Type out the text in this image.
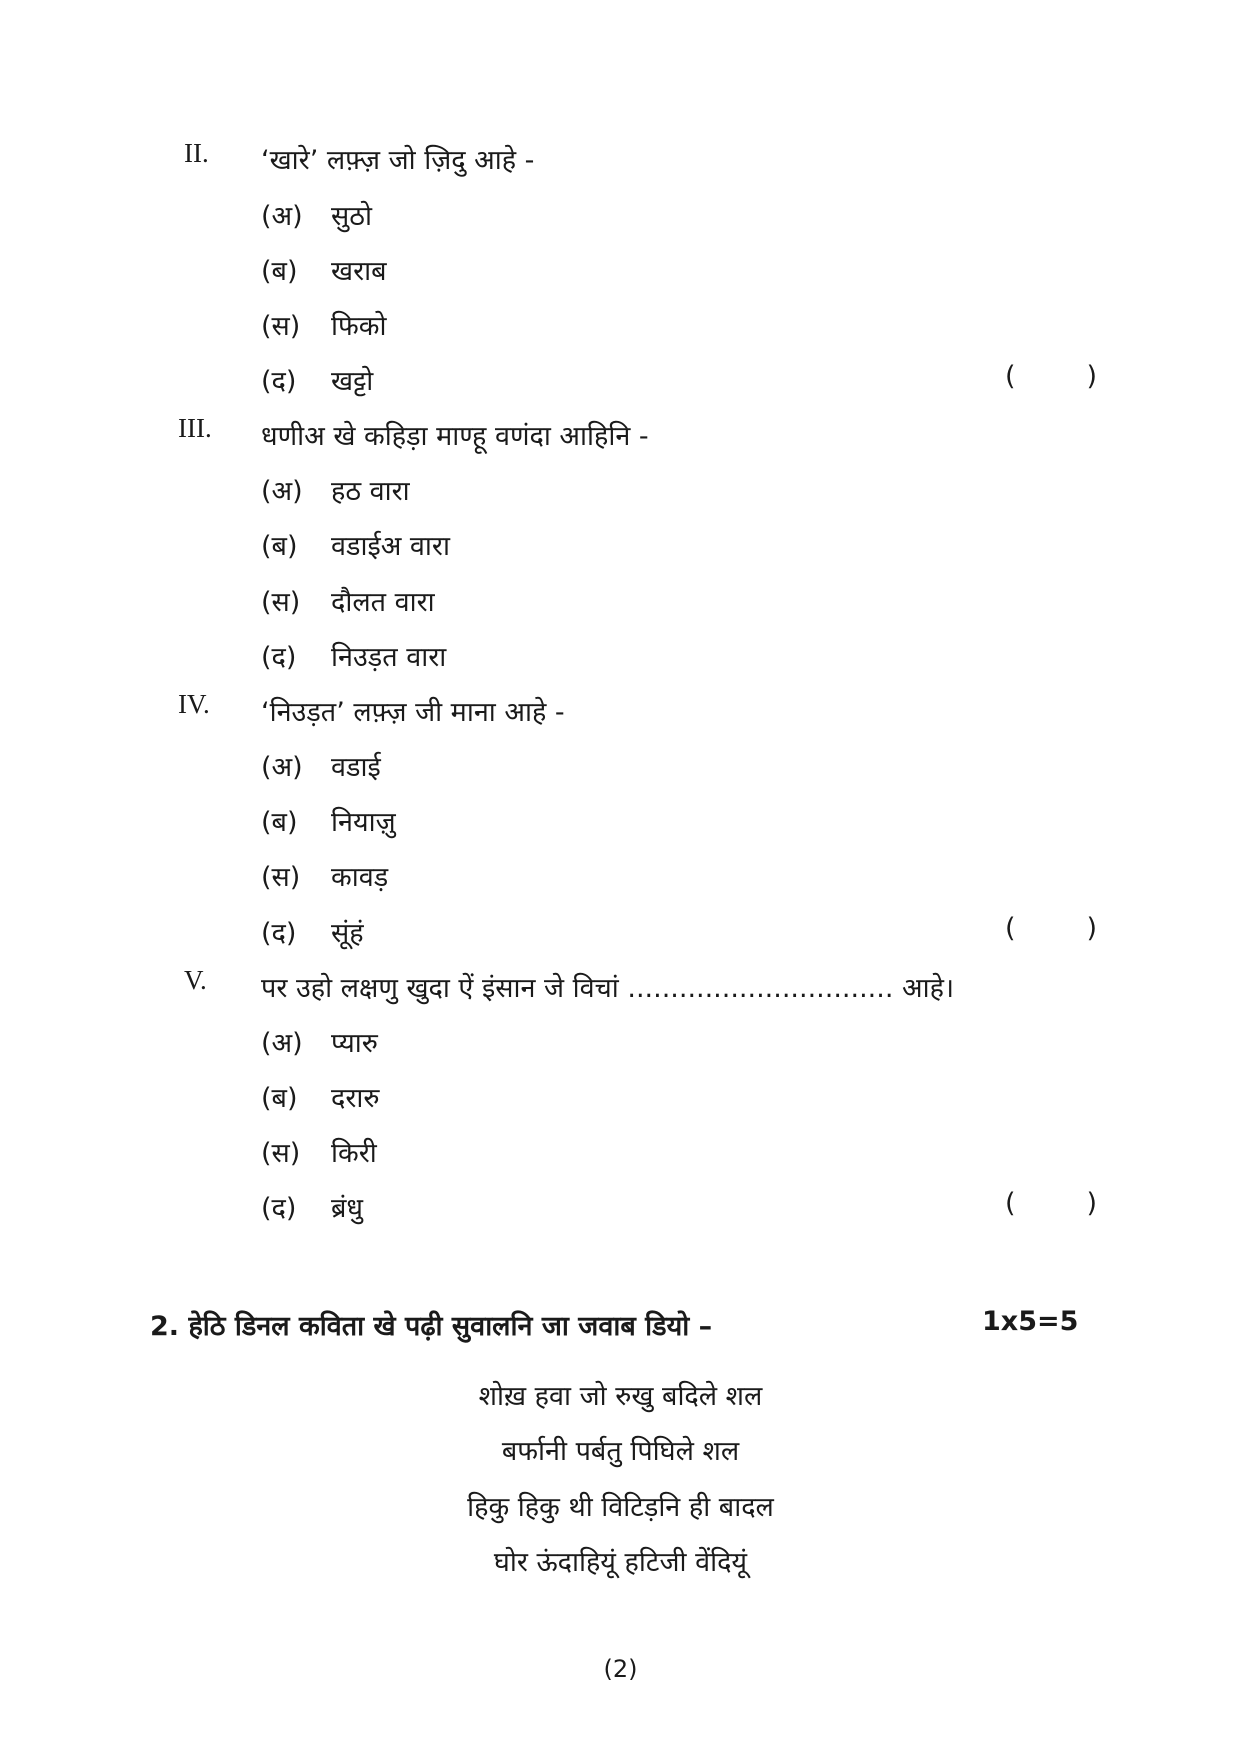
II. ‘खारे’ लफ़्ज़ जो ज़िदु आहे -
(अ) सुठो
(ब) खराब
(स) फिको
(द) खट्टो	(	)
III. धणीअ खे कहिड़ा माण्हू वणंदा आहिनि -
(अ) हठ वारा
(ब) वडाईअ वारा
(स) दौलत वारा
(द) निउड़त वारा
IV. ‘निउड़त’ लफ़्ज़ जी माना आहे -
(अ) वडाई
(ब) नियाज़ु
(स) कावड़
(द) सूंहं	(	)
V. पर उहो लक्षणु खुदा ऐं इंसान जे विचां ............................... आहे।
(अ) प्यारु
(ब) दरारु
(स) किरी
(द) ब्रंधु	(	)
2. हेठि डिनल कविता खे पढ़ी सुवालनि जा जवाब डियो –	1x5=5
शोख़ हवा जो रुखु बदिले शल
बर्फानी पर्बतु पिघिले शल
हिकु हिकु थी विटिड़नि ही बादल
घोर ऊंदाहियूं हटिजी वेंदियूं
(2)
